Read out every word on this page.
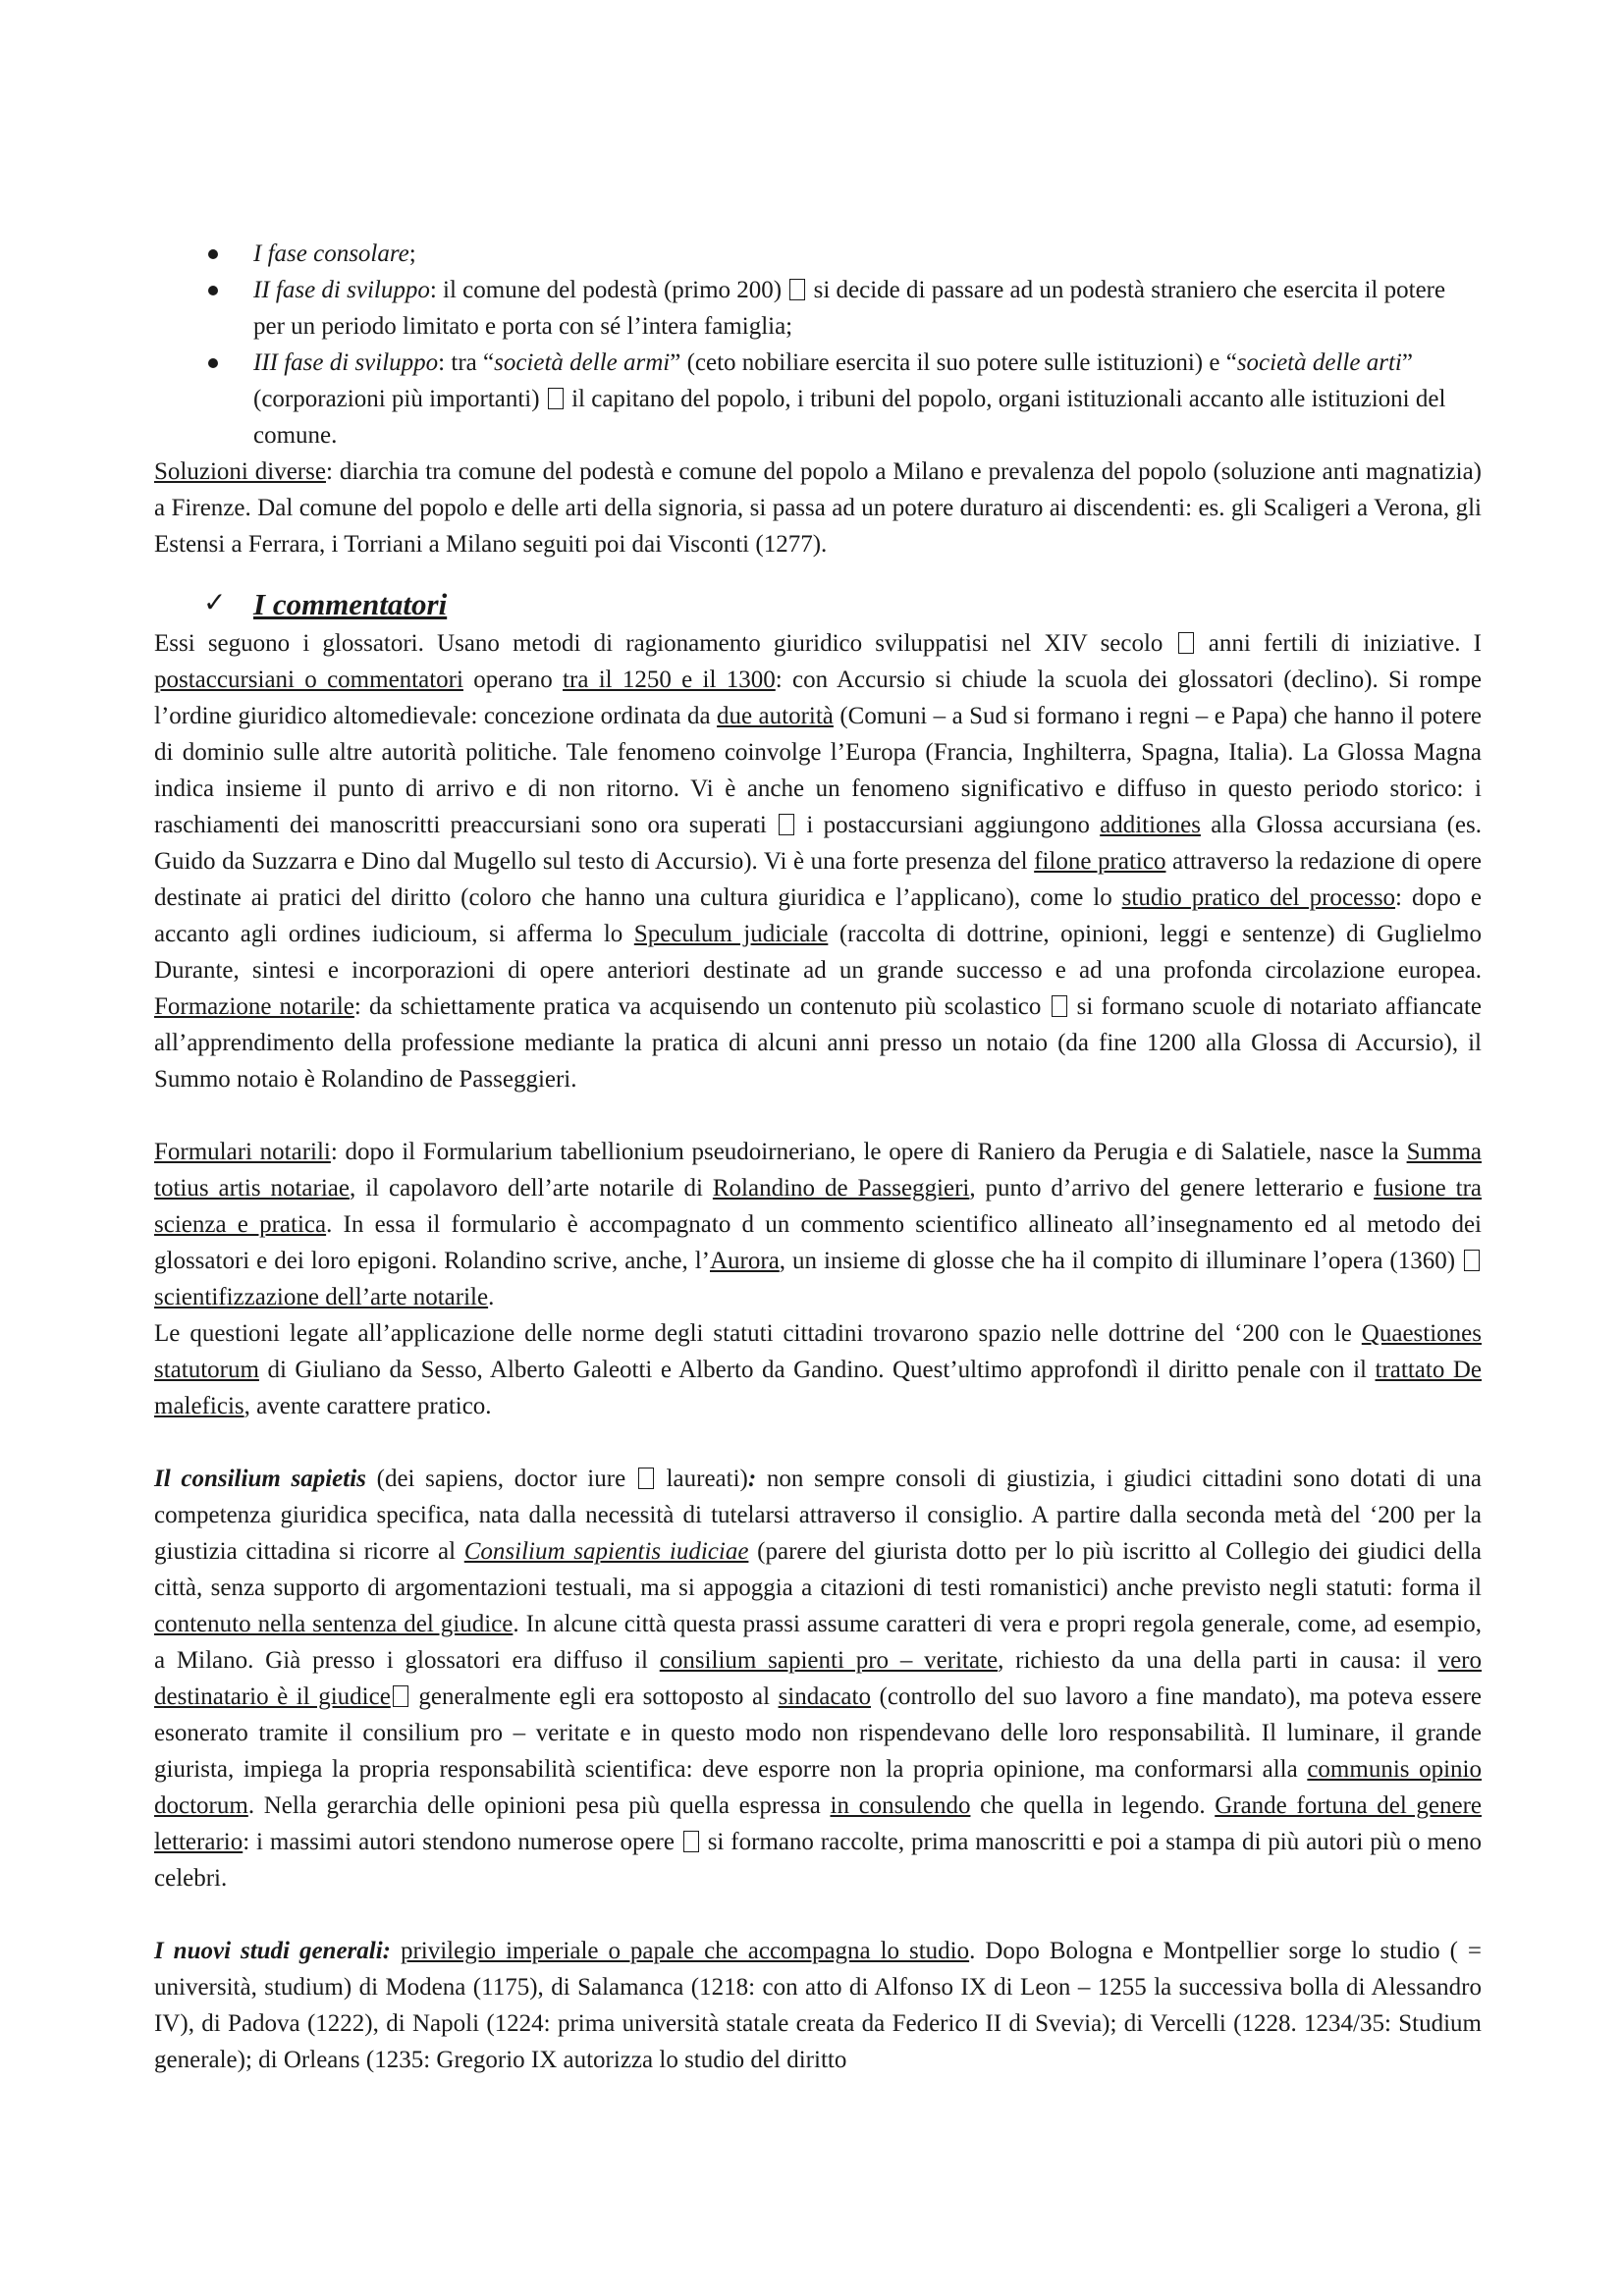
I fase consolare;
II fase di sviluppo: il comune del podestà (primo 200)  si decide di passare ad un podestà straniero che esercita il potere per un periodo limitato e porta con sé l’intera famiglia;
III fase di sviluppo: tra “società delle armi” (ceto nobiliare esercita il suo potere sulle istituzioni) e “società delle arti” (corporazioni più importanti)  il capitano del popolo, i tribuni del popolo, organi istituzionali accanto alle istituzioni del comune.

Soluzioni diverse: diarchia tra comune del podestà e comune del popolo a Milano e prevalenza del popolo (soluzione anti magnatizia) a Firenze. Dal comune del popolo e delle arti della signoria, si passa ad un potere duraturo ai discendenti: es. gli Scaligeri a Verona, gli Estensi a Ferrara, i Torriani a Milano seguiti poi dai Visconti (1277).

✓ I commentatori

Essi seguono i glossatori. Usano metodi di ragionamento giuridico sviluppatisi nel XIV secolo  anni fertili di iniziative. I postaccursiani o commentatori operano tra il 1250 e il 1300: con Accursio si chiude la scuola dei glossatori (declino). Si rompe l’ordine giuridico altomedievale: concezione ordinata da due autorità (Comuni – a Sud si formano i regni – e Papa) che hanno il potere di dominio sulle altre autorità politiche. Tale fenomeno coinvolge l’Europa (Francia, Inghilterra, Spagna, Italia). La Glossa Magna indica insieme il punto di arrivo e di non ritorno. Vi è anche un fenomeno significativo e diffuso in questo periodo storico: i raschiamenti dei manoscritti preaccursiani sono ora superati  i postaccursiani aggiungono additiones alla Glossa accursiana (es. Guido da Suzzarra e Dino dal Mugello sul testo di Accursio). Vi è una forte presenza del filone pratico attraverso la redazione di opere destinate ai pratici del diritto (coloro che hanno una cultura giuridica e l’applicano), come lo studio pratico del processo: dopo e accanto agli ordines iudicioum, si afferma lo Speculum judiciale (raccolta di dottrine, opinioni, leggi e sentenze) di Guglielmo Durante, sintesi e incorporazioni di opere anteriori destinate ad un grande successo e ad una profonda circolazione europea. Formazione notarile: da schiettamente pratica va acquisendo un contenuto più scolastico  si formano scuole di notariato affiancate all’apprendimento della professione mediante la pratica di alcuni anni presso un notaio (da fine 1200 alla Glossa di Accursio), il Summo notaio è Rolandino de Passeggieri.

Formulari notarili: dopo il Formularium tabellionium pseudoirneriano, le opere di Raniero da Perugia e di Salatiele, nasce la Summa totius artis notariae, il capolavoro dell’arte notarile di Rolandino de Passeggieri, punto d’arrivo del genere letterario e fusione tra scienza e pratica. In essa il formulario è accompagnato d un commento scientifico allineato all’insegnamento ed al metodo dei glossatori e dei loro epigoni. Rolandino scrive, anche, l’Aurora, un insieme di glosse che ha il compito di illuminare l’opera (1360) scientifizzazione dell’arte notarile.

Le questioni legate all’applicazione delle norme degli statuti cittadini trovarono spazio nelle dottrine del ‘200 con le Quaestiones statutorum di Giuliano da Sesso, Alberto Galeotti e Alberto da Gandino. Quest’ultimo approfondì il diritto penale con il trattato De maleficis, avente carattere pratico.

Il consilium sapietis (dei sapiens, doctor iure  laureati): non sempre consoli di giustizia, i giudici cittadini sono dotati di una competenza giuridica specifica, nata dalla necessità di tutelarsi attraverso il consiglio. A partire dalla seconda metà del ‘200 per la giustizia cittadina si ricorre al Consilium sapientis iudiciae (parere del giurista dotto per lo più iscritto al Collegio dei giudici della città, senza supporto di argomentazioni testuali, ma si appoggia a citazioni di testi romanistici) anche previsto negli statuti: forma il contenuto nella sentenza del giudice. In alcune città questa prassi assume caratteri di vera e propri regola generale, come, ad esempio, a Milano. Già presso i glossatori era diffuso il consilium sapienti pro – veritate, richiesto da una della parti in causa: il vero destinatario è il giudice generalmente egli era sottoposto al sindacato (controllo del suo lavoro a fine mandato), ma poteva essere esonerato tramite il consilium pro – veritate e in questo modo non rispendevano delle loro responsabilità. Il luminare, il grande giurista, impiega la propria responsabilità scientifica: deve esporre non la propria opinione, ma conformarsi alla communis opinio doctorum. Nella gerarchia delle opinioni pesa più quella espressa in consulendo che quella in legendo. Grande fortuna del genere letterario: i massimi autori stendono numerose opere  si formano raccolte, prima manoscritti e poi a stampa di più autori più o meno celebri.

I nuovi studi generali: privilegio imperiale o papale che accompagna lo studio. Dopo Bologna e Montpellier sorge lo studio ( = università, studium) di Modena (1175), di Salamanca (1218: con atto di Alfonso IX di Leon – 1255 la successiva bolla di Alessandro IV), di Padova (1222), di Napoli (1224: prima università statale creata da Federico II di Svevia); di Vercelli (1228. 1234/35: Studium generale); di Orleans (1235: Gregorio IX autorizza lo studio del diritto
